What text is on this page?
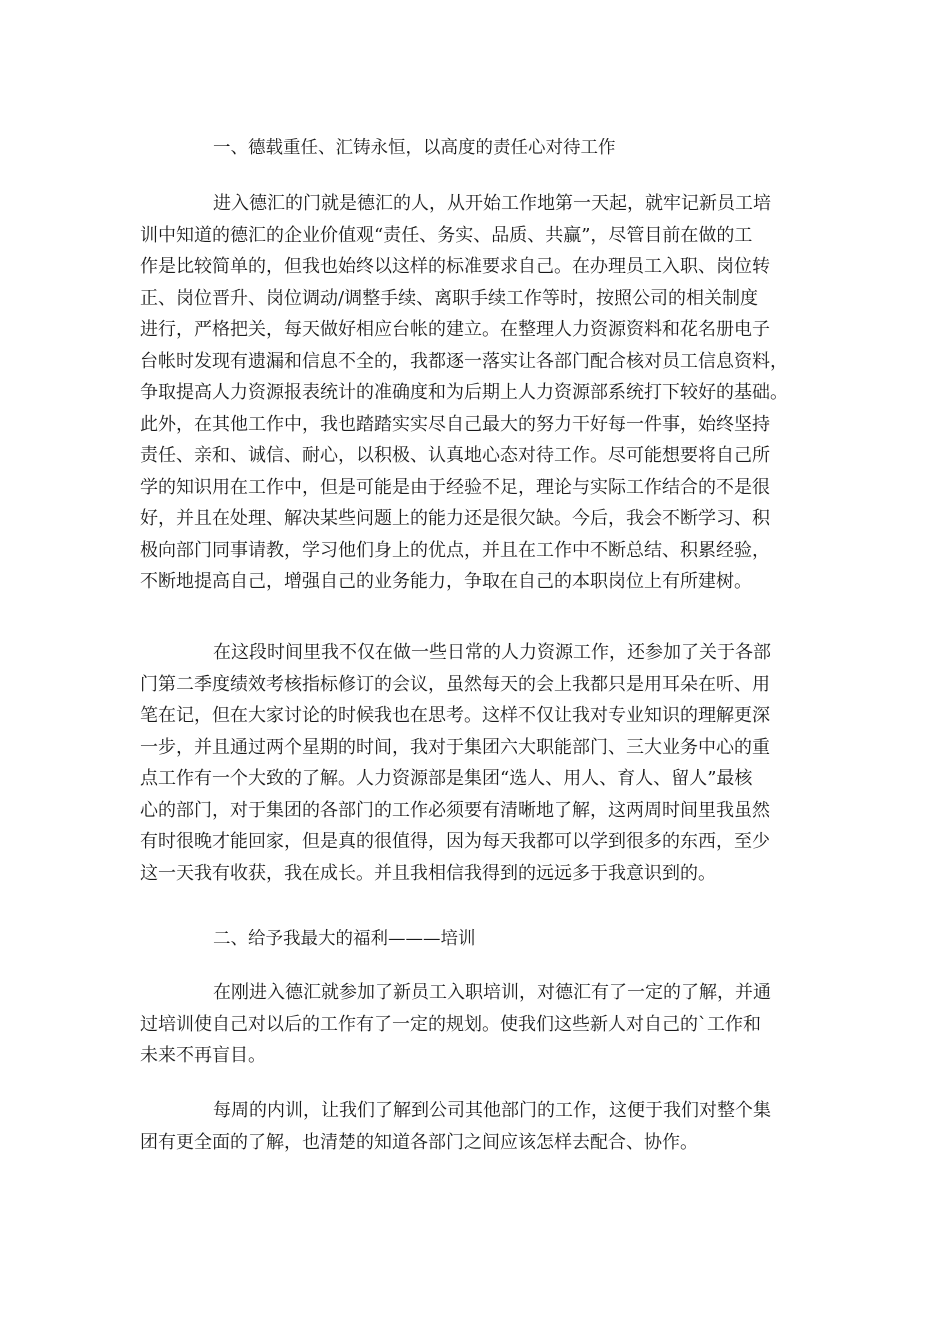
一、德载重任、汇铸永恒，以高度的责任心对待工作
进入德汇的门就是德汇的人，从开始工作地第一天起，就牢记新员工培
训中知道的德汇的企业价值观“责任、务实、品质、共赢”，尽管目前在做的工
作是比较简单的，但我也始终以这样的标准要求自己。在办理员工入职、岗位转
正、岗位晋升、岗位调动/调整手续、离职手续工作等时，按照公司的相关制度
进行，严格把关，每天做好相应台帐的建立。在整理人力资源资料和花名册电子
台帐时发现有遗漏和信息不全的，我都逐一落实让各部门配合核对员工信息资料，
争取提高人力资源报表统计的准确度和为后期上人力资源部系统打下较好的基础。
此外，在其他工作中，我也踏踏实实尽自己最大的努力干好每一件事，始终坚持
责任、亲和、诚信、耐心，以积极、认真地心态对待工作。尽可能想要将自己所
学的知识用在工作中，但是可能是由于经验不足，理论与实际工作结合的不是很
好，并且在处理、解决某些问题上的能力还是很欠缺。今后，我会不断学习、积
极向部门同事请教，学习他们身上的优点，并且在工作中不断总结、积累经验，
不断地提高自己，增强自己的业务能力，争取在自己的本职岗位上有所建树。
在这段时间里我不仅在做一些日常的人力资源工作，还参加了关于各部
门第二季度绩效考核指标修订的会议，虽然每天的会上我都只是用耳朵在听、用
笔在记，但在大家讨论的时候我也在思考。这样不仅让我对专业知识的理解更深
一步，并且通过两个星期的时间，我对于集团六大职能部门、三大业务中心的重
点工作有一个大致的了解。人力资源部是集团“选人、用人、育人、留人”最核
心的部门，对于集团的各部门的工作必须要有清晰地了解，这两周时间里我虽然
有时很晚才能回家，但是真的很值得，因为每天我都可以学到很多的东西，至少
这一天我有收获，我在成长。并且我相信我得到的远远多于我意识到的。
二、给予我最大的福利———培训
在刚进入德汇就参加了新员工入职培训，对德汇有了一定的了解，并通
过培训使自己对以后的工作有了一定的规划。使我们这些新人对自己的`工作和
未来不再盲目。
每周的内训，让我们了解到公司其他部门的工作，这便于我们对整个集
团有更全面的了解，也清楚的知道各部门之间应该怎样去配合、协作。
